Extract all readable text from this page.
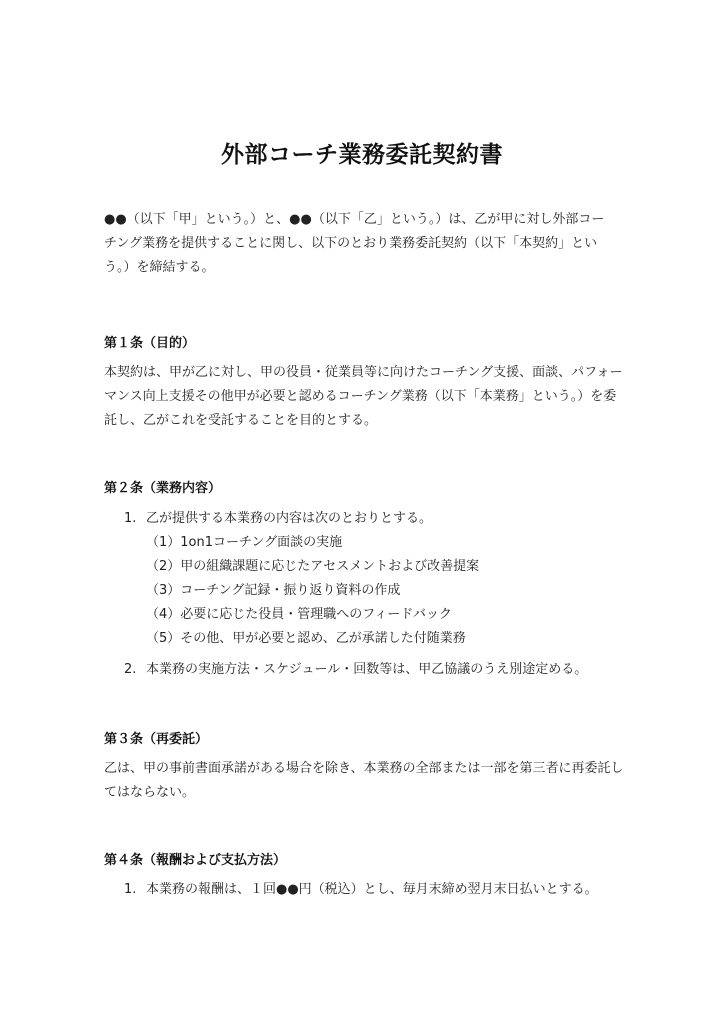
外部コーチ業務委託契約書
●●（以下「甲」という。）と、●●（以下「乙」という。）は、乙が甲に対し外部コー
チング業務を提供することに関し、以下のとおり業務委託契約（以下「本契約」とい
う。）を締結する。
第１条（目的）
本契約は、甲が乙に対し、甲の役員・従業員等に向けたコーチング支援、面談、パフォー
マンス向上支援その他甲が必要と認めるコーチング業務（以下「本業務」という。）を委
託し、乙がこれを受託することを目的とする。
第２条（業務内容）
1. 乙が提供する本業務の内容は次のとおりとする。
（1）1on1コーチング面談の実施
（2）甲の組織課題に応じたアセスメントおよび改善提案
（3）コーチング記録・振り返り資料の作成
（4）必要に応じた役員・管理職へのフィードバック
（5）その他、甲が必要と認め、乙が承諾した付随業務
2. 本業務の実施方法・スケジュール・回数等は、甲乙協議のうえ別途定める。
第３条（再委託）
乙は、甲の事前書面承諾がある場合を除き、本業務の全部または一部を第三者に再委託し
てはならない。
第４条（報酬および支払方法）
1. 本業務の報酬は、１回●●円（税込）とし、毎月末締め翌月末日払いとする。
